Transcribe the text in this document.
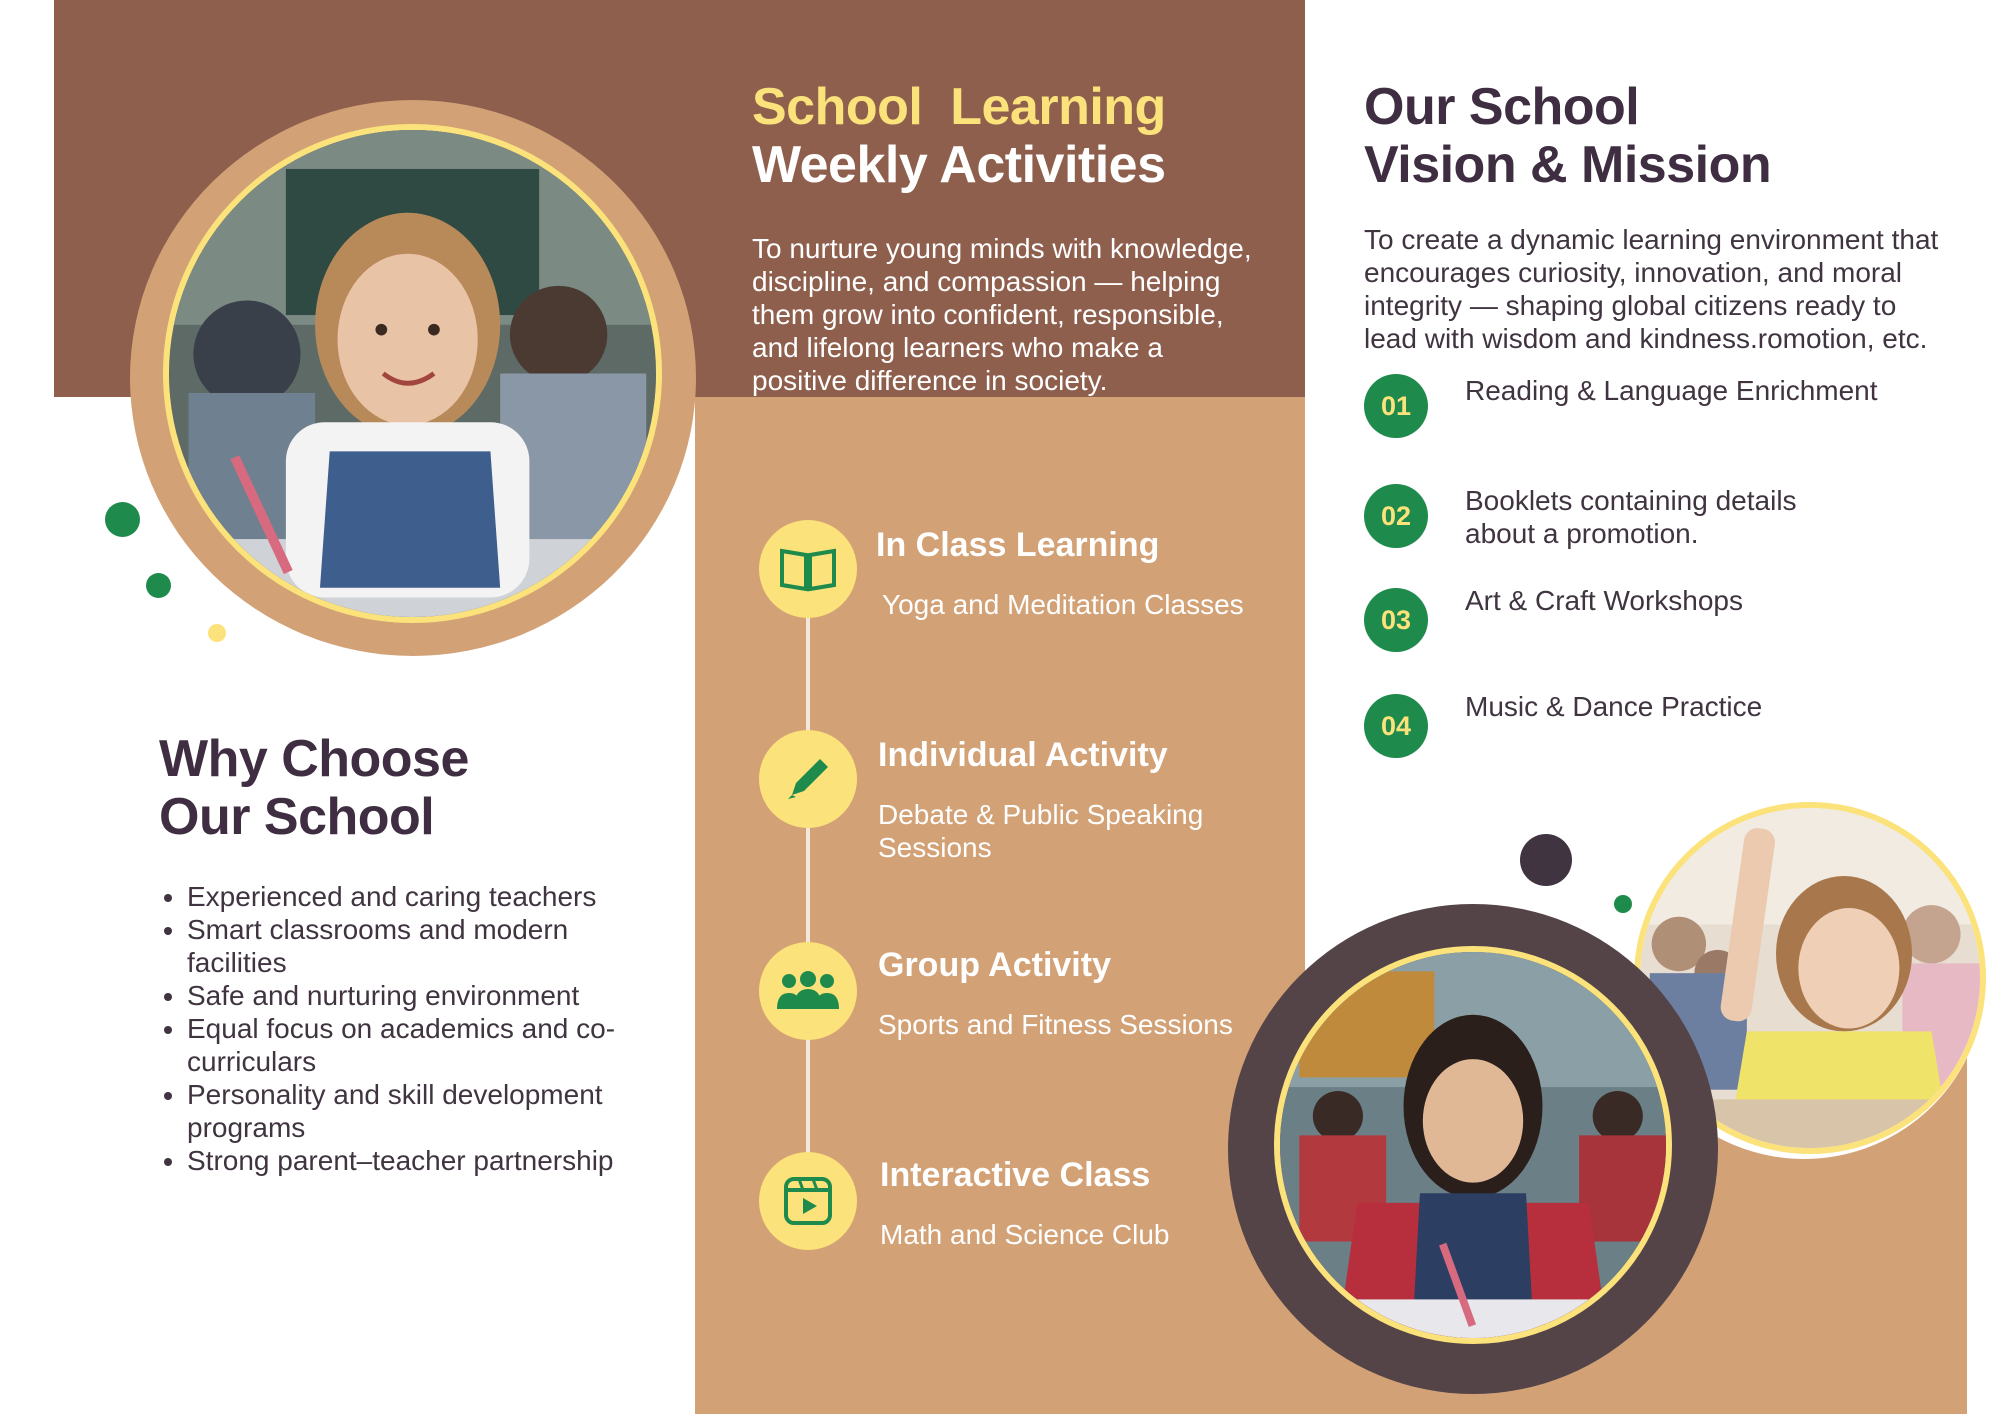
Why Choose
Our School
• Experienced and caring teachers
• Smart classrooms and modern facilities
• Safe and nurturing environment
• Equal focus on academics and co-curriculars
• Personality and skill development programs
• Strong parent–teacher partnership
School  Learning
Weekly Activities
To nurture young minds with knowledge, discipline, and compassion — helping them grow into confident, responsible, and lifelong learners who make a positive difference in society.
In Class Learning
Yoga and Meditation Classes
Individual Activity
Debate & Public Speaking Sessions
Group Activity
Sports and Fitness Sessions
Interactive Class
Math and Science Club
Our School
Vision & Mission
To create a dynamic learning environment that encourages curiosity, innovation, and moral integrity — shaping global citizens ready to lead with wisdom and kindness.romotion, etc.
01	Reading & Language Enrichment
02	Booklets containing details about a promotion.
03
Art & Craft Workshops
04
Music & Dance Practice
